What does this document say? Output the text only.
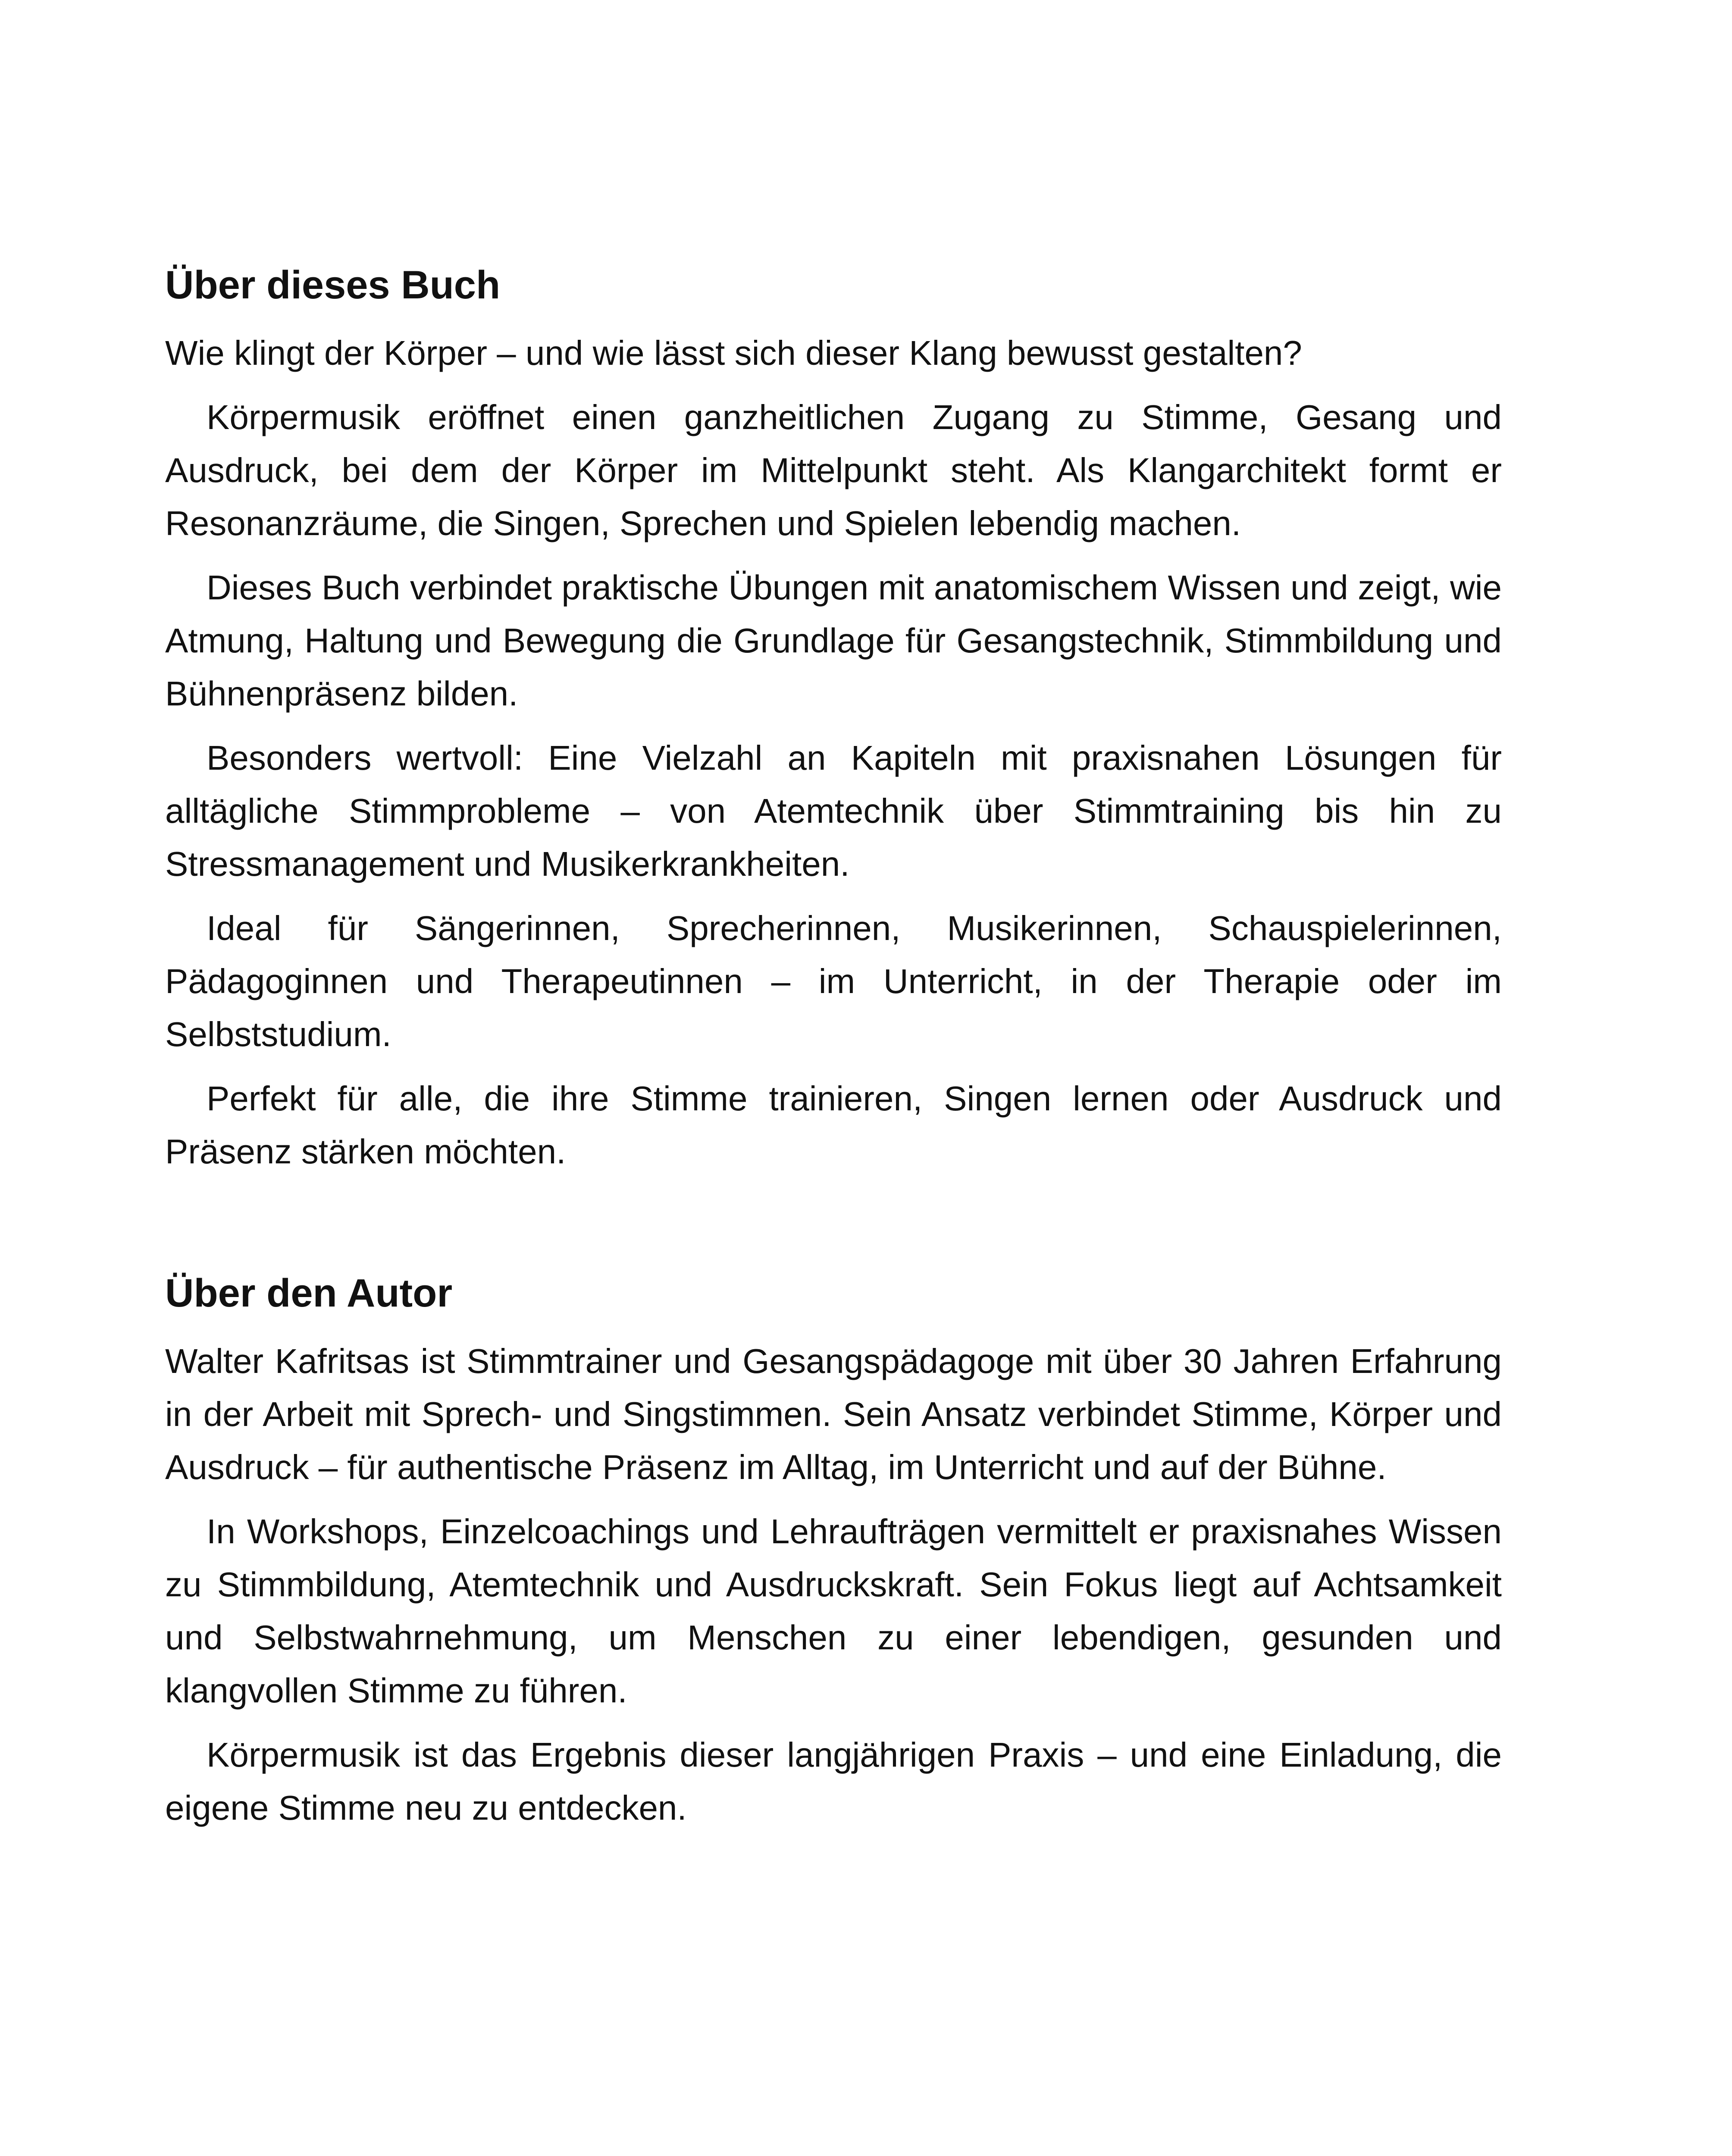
Über dieses Buch

Wie klingt der Körper – und wie lässt sich dieser Klang bewusst gestalten?

Körpermusik eröffnet einen ganzheitlichen Zugang zu Stimme, Gesang und Ausdruck, bei dem der Körper im Mittelpunkt steht. Als Klangarchitekt formt er Resonanzräume, die Singen, Sprechen und Spielen lebendig machen.

Dieses Buch verbindet praktische Übungen mit anatomischem Wissen und zeigt, wie Atmung, Haltung und Bewegung die Grundlage für Gesangstechnik, Stimmbildung und Bühnenpräsenz bilden.

Besonders wertvoll: Eine Vielzahl an Kapiteln mit praxisnahen Lösungen für alltägliche Stimmprobleme – von Atemtechnik über Stimmtraining bis hin zu Stressmanagement und Musikerkrankheiten.

Ideal für Sängerinnen, Sprecherinnen, Musikerinnen, Schauspielerinnen, Pädagoginnen und Therapeutinnen – im Unterricht, in der Therapie oder im Selbststudium.

Perfekt für alle, die ihre Stimme trainieren, Singen lernen oder Ausdruck und Präsenz stärken möchten.

Über den Autor

Walter Kafritsas ist Stimmtrainer und Gesangspädagoge mit über 30 Jahren Erfahrung in der Arbeit mit Sprech- und Singstimmen. Sein Ansatz verbindet Stimme, Körper und Ausdruck – für authentische Präsenz im Alltag, im Unterricht und auf der Bühne.

In Workshops, Einzelcoachings und Lehraufträgen vermittelt er praxisnahes Wissen zu Stimmbildung, Atemtechnik und Ausdruckskraft. Sein Fokus liegt auf Achtsamkeit und Selbstwahrnehmung, um Menschen zu einer lebendigen, gesunden und klangvollen Stimme zu führen.

Körpermusik ist das Ergebnis dieser langjährigen Praxis – und eine Einladung, die eigene Stimme neu zu entdecken.
